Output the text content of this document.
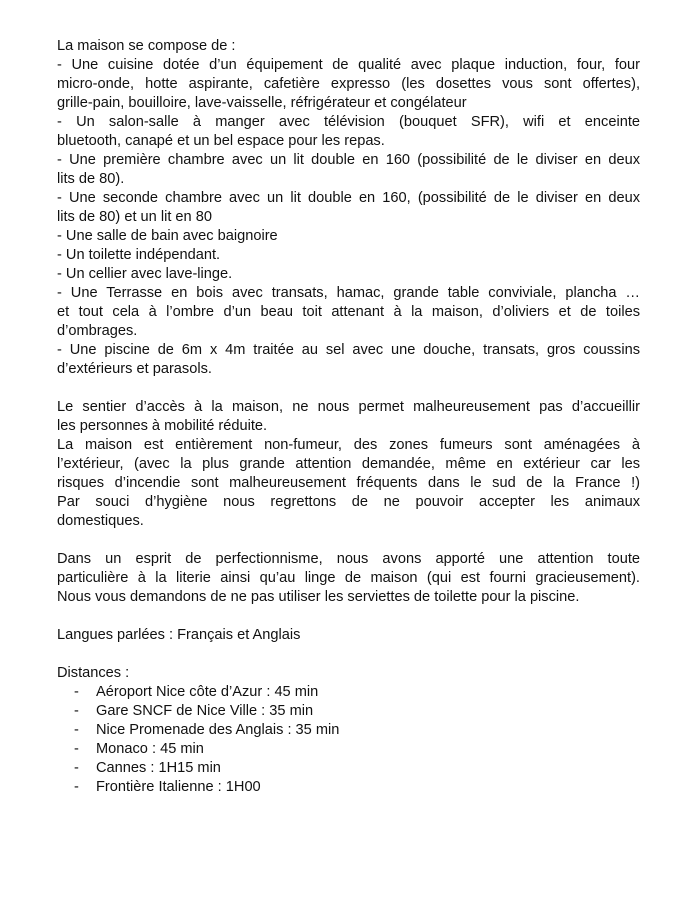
La maison se compose de :

- Une cuisine dotée d’un équipement de qualité avec plaque induction, four, four

micro-onde, hotte aspirante, cafetière expresso (les dosettes vous sont offertes),

grille-pain, bouilloire, lave-vaisselle, réfrigérateur et congélateur

- Un salon-salle à manger avec télévision (bouquet SFR), wifi et enceinte

bluetooth, canapé et un bel espace pour les repas.

- Une première chambre avec un lit double en 160 (possibilité de le diviser en deux

lits de 80).

- Une seconde chambre avec un lit double en 160, (possibilité de le diviser en deux

lits de 80) et un lit en 80

- Une salle de bain avec baignoire

- Un toilette indépendant.

- Un cellier avec lave-linge.

- Une Terrasse en bois avec transats, hamac, grande table conviviale, plancha …

et tout cela à l’ombre d’un beau toit attenant à la maison, d’oliviers et de toiles

d’ombrages.

- Une piscine de 6m x 4m traitée au sel avec une douche, transats, gros coussins

d’extérieurs et parasols.

Le sentier d’accès à la maison, ne nous permet malheureusement pas d’accueillir

les personnes à mobilité réduite.

La maison est entièrement non-fumeur, des zones fumeurs sont aménagées à

l’extérieur, (avec la plus grande attention demandée, même en extérieur car les

risques d’incendie sont malheureusement fréquents dans le sud de la France !)

Par souci d’hygiène nous regrettons de ne pouvoir accepter les animaux

domestiques.

Dans un esprit de perfectionnisme, nous avons apporté une attention toute

particulière à la literie ainsi qu’au linge de maison (qui est fourni gracieusement).

Nous vous demandons de ne pas utiliser les serviettes de toilette pour la piscine.

Langues parlées : Français et Anglais

Distances :

- Aéroport Nice côte d’Azur : 45 min
- Gare SNCF de Nice Ville : 35 min
- Nice Promenade des Anglais : 35 min
- Monaco : 45 min
- Cannes : 1H15 min
- Frontière Italienne : 1H00
